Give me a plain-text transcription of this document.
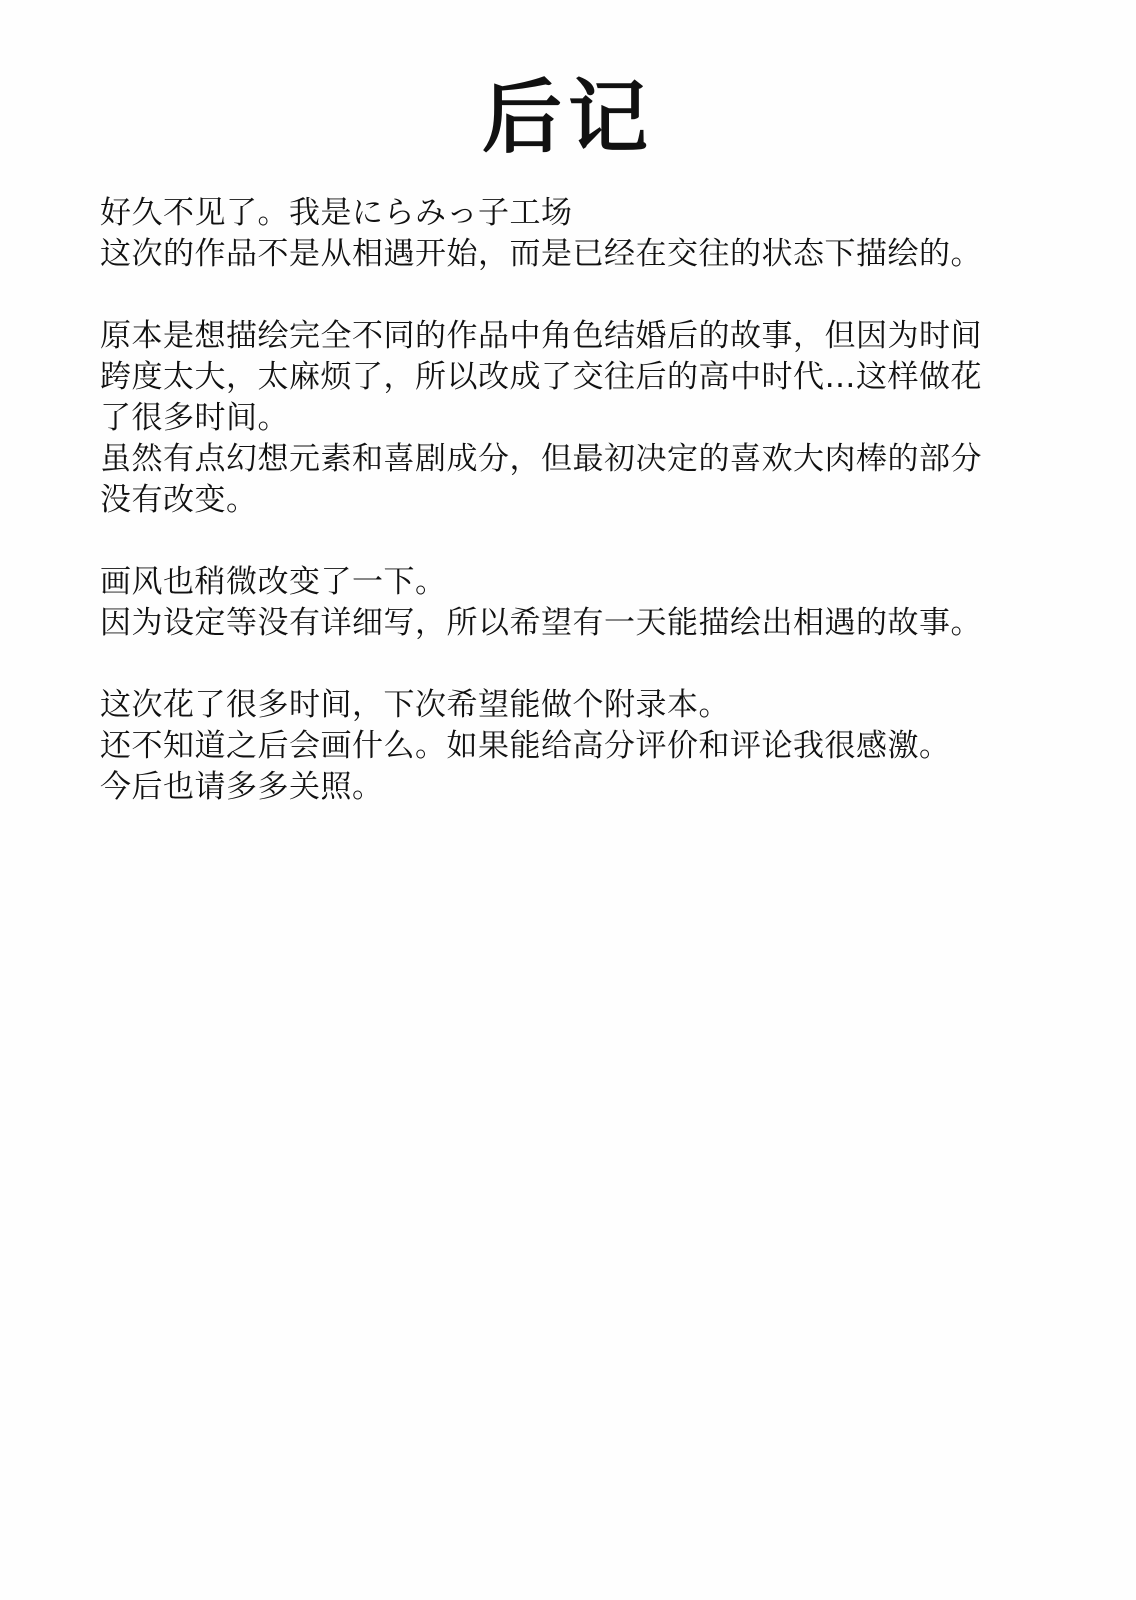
后记
好久不见了。我是にらみっ子工场
这次的作品不是从相遇开始，而是已经在交往的状态下描绘的。
原本是想描绘完全不同的作品中角色结婚后的故事，但因为时间
跨度太大，太麻烦了，所以改成了交往后的高中时代…这样做花
了很多时间。
虽然有点幻想元素和喜剧成分，但最初决定的喜欢大肉棒的部分
没有改变。
画风也稍微改变了一下。
因为设定等没有详细写，所以希望有一天能描绘出相遇的故事。
这次花了很多时间，下次希望能做个附录本。
还不知道之后会画什么。如果能给高分评价和评论我很感激。
今后也请多多关照。
